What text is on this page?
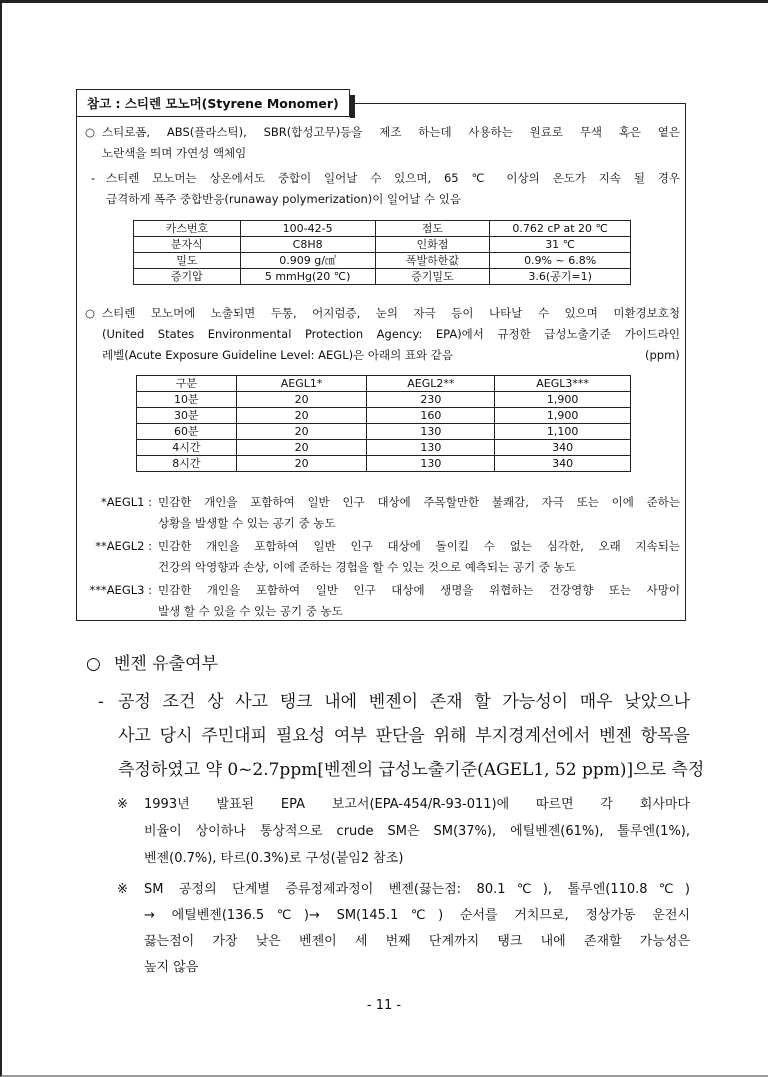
참고 : 스티렌 모노머(Styrene Monomer)
○ 스티로폼, ABS(플라스틱), SBR(합성고무)등을 제조 하는데 사용하는 원료로 무색 혹은 옅은
노란색을 띄며 가연성 액체임
- 스티렌 모노머는 상온에서도 중합이 일어날 수 있으며, 65 ℃ 이상의 온도가 지속 될 경우
급격하게 폭주 중합반응(runaway polymerization)이 일어날 수 있음
카스번호	100-42-5	점도	0.762 cP at 20 ℃
분자식	C8H8	인화점	31 ℃
밀도	0.909 g/㎤	폭발하한값	0.9% ~ 6.8%
증기압	5 mmHg(20 ℃)	증기밀도	3.6(공기=1)
○ 스티렌 모노머에 노출되면 두통, 어지럼증, 눈의 자극 등이 나타날 수 있으며 미환경보호청
(United States Environmental Protection Agency: EPA)에서 규정한 급성노출기준 가이드라인
레벨(Acute Exposure Guideline Level: AEGL)은 아래의 표와 같음	(ppm)
구분	AEGL1*	AEGL2**	AEGL3***
10분	20	230	1,900
30분	20	160	1,900
60분	20	130	1,100
4시간	20	130	340
8시간	20	130	340
*AEGL1 : 민감한 개인을 포함하여 일반 인구 대상에 주목할만한 불쾌감, 자극 또는 이에 준하는
상황을 발생할 수 있는 공기 중 농도
**AEGL2 : 민감한 개인을 포함하여 일반 인구 대상에 돌이킬 수 없는 심각한, 오래 지속되는
건강의 악영향과 손상, 이에 준하는 경험을 할 수 있는 것으로 예측되는 공기 중 농도
***AEGL3 : 민감한 개인을 포함하여 일반 인구 대상에 생명을 위협하는 건강영향 또는 사망이
발생 할 수 있을 수 있는 공기 중 농도
○ 벤젠 유출여부
- 공정 조건 상 사고 탱크 내에 벤젠이 존재 할 가능성이 매우 낮았으나
사고 당시 주민대피 필요성 여부 판단을 위해 부지경계선에서 벤젠 항목을
측정하였고 약 0~2.7ppm[벤젠의 급성노출기준(AGEL1, 52 ppm)]으로 측정
※ 1993년 발표된 EPA 보고서(EPA-454/R-93-011)에 따르면 각 회사마다
비율이 상이하나 통상적으로 crude SM은 SM(37%), 에틸벤젠(61%), 톨루엔(1%),
벤젠(0.7%), 타르(0.3%)로 구성(붙임2 참조)
※ SM 공정의 단계별 증류정제과정이 벤젠(끓는점: 80.1℃), 톨루엔(110.8℃)
→ 에틸벤젠(136.5℃)→ SM(145.1℃) 순서를 거치므로, 정상가동 운전시
끓는점이 가장 낮은 벤젠이 세 번째 단계까지 탱크 내에 존재할 가능성은
높지 않음
- 11 -
